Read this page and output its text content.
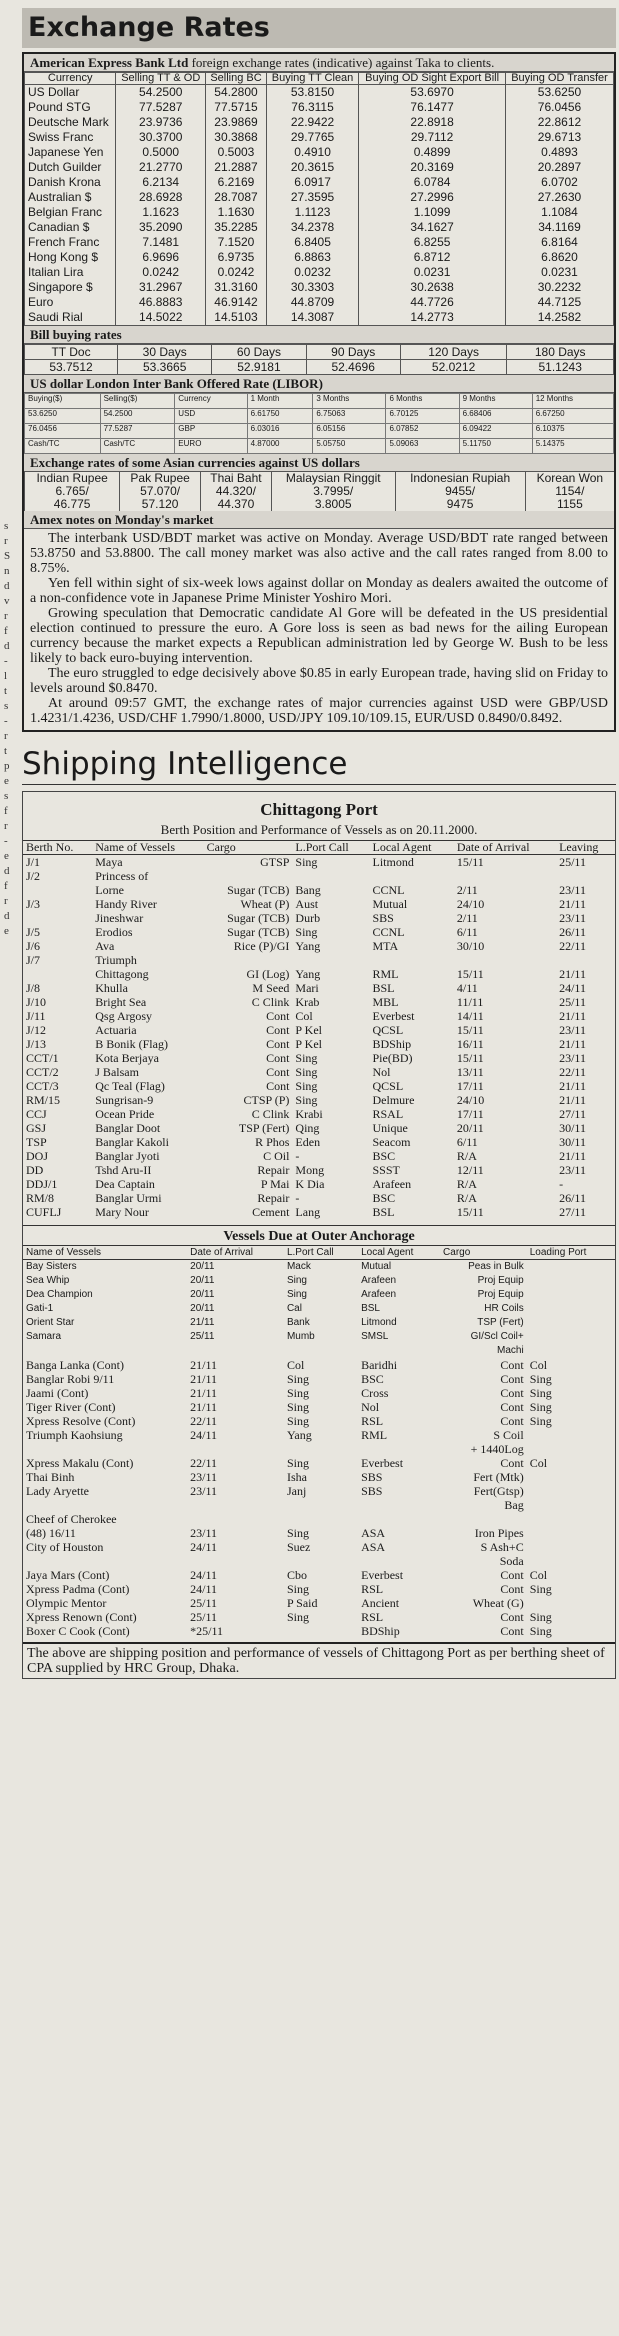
s
r
S
n
d
v
r
f
d
-
l
t
s
-
r
t
p
e
s
f
r
-
e
d
f
r
d
e
Exchange Rates
American Express Bank Ltd foreign exchange rates (indicative) against Taka to clients.
Currency	Selling TT & OD	Selling BC	Buying TT Clean	Buying OD Sight Export Bill	Buying OD Transfer
US Dollar	54.2500	54.2800	53.8150	53.6970	53.6250
Pound STG	77.5287	77.5715	76.3115	76.1477	76.0456
Deutsche Mark	23.9736	23.9869	22.9422	22.8918	22.8612
Swiss Franc	30.3700	30.3868	29.7765	29.7112	29.6713
Japanese Yen	0.5000	0.5003	0.4910	0.4899	0.4893
Dutch Guilder	21.2770	21.2887	20.3615	20.3169	20.2897
Danish Krona	6.2134	6.2169	6.0917	6.0784	6.0702
Australian $	28.6928	28.7087	27.3595	27.2996	27.2630
Belgian Franc	1.1623	1.1630	1.1123	1.1099	1.1084
Canadian $	35.2090	35.2285	34.2378	34.1627	34.1169
French Franc	7.1481	7.1520	6.8405	6.8255	6.8164
Hong Kong $	6.9696	6.9735	6.8863	6.8712	6.8620
Italian Lira	0.0242	0.0242	0.0232	0.0231	0.0231
Singapore $	31.2967	31.3160	30.3303	30.2638	30.2232
Euro	46.8883	46.9142	44.8709	44.7726	44.7125
Saudi Rial	14.5022	14.5103	14.3087	14.2773	14.2582
Bill buying rates
TT Doc	30 Days	60 Days	90 Days	120 Days	180 Days
53.7512	53.3665	52.9181	52.4696	52.0212	51.1243
US dollar London Inter Bank Offered Rate (LIBOR)
Buying($)	Selling($)	Currency	1 Month	3 Months	6 Months	9 Months	12 Months
53.6250	54.2500	USD	6.61750	6.75063	6.70125	6.68406	6.67250
76.0456	77.5287	GBP	6.03016	6.05156	6.07852	6.09422	6.10375
Cash/TC	Cash/TC	EURO	4.87000	5.05750	5.09063	5.11750	5.14375
Exchange rates of some Asian currencies against US dollars
Indian Rupee	Pak Rupee	Thai Baht	Malaysian Ringgit	Indonesian Rupiah	Korean Won
6.765/	57.070/	44.320/	3.7995/	9455/	1154/
46.775	57.120	44.370	3.8005	9475	1155
Amex notes on Monday's market

The interbank USD/BDT market was active on Monday. Average USD/BDT rate ranged between 53.8750 and 53.8800. The call money market was also active and the call rates ranged from 8.00 to 8.75%.

Yen fell within sight of six-week lows against dollar on Monday as dealers awaited the outcome of a non-confidence vote in Japanese Prime Minister Yoshiro Mori.

Growing speculation that Democratic candidate Al Gore will be defeated in the US presidential election continued to pressure the euro. A Gore loss is seen as bad news for the ailing European currency because the market expects a Republican administration led by George W. Bush to be less likely to back euro-buying intervention.

The euro struggled to edge decisively above $0.85 in early European trade, having slid on Friday to levels around $0.8470.

At around 09:57 GMT, the exchange rates of major currencies against USD were GBP/USD 1.4231/1.4236, USD/CHF 1.7990/1.8000, USD/JPY 109.10/109.15, EUR/USD 0.8490/0.8492.

Shipping Intelligence
Chittagong Port
Berth Position and Performance of Vessels as on 20.11.2000.
Berth No.	Name of Vessels	Cargo	L.Port Call	Local Agent	Date of Arrival	Leaving
J/1	Maya	GTSP	Sing	Litmond	15/11	25/11
J/2	Princess of					
	Lorne	Sugar (TCB)	Bang	CCNL	2/11	23/11
J/3	Handy River	Wheat (P)	Aust	Mutual	24/10	21/11
	Jineshwar	Sugar (TCB)	Durb	SBS	2/11	23/11
J/5	Erodios	Sugar (TCB)	Sing	CCNL	6/11	26/11
J/6	Ava	Rice (P)/GI	Yang	MTA	30/10	22/11
J/7	Triumph					
	Chittagong	GI (Log)	Yang	RML	15/11	21/11
J/8	Khulla	M Seed	Mari	BSL	4/11	24/11
J/10	Bright Sea	C Clink	Krab	MBL	11/11	25/11
J/11	Qsg Argosy	Cont	Col	Everbest	14/11	21/11
J/12	Actuaria	Cont	P Kel	QCSL	15/11	23/11
J/13	B Bonik (Flag)	Cont	P Kel	BDShip	16/11	21/11
CCT/1	Kota Berjaya	Cont	Sing	Pie(BD)	15/11	23/11
CCT/2	J Balsam	Cont	Sing	Nol	13/11	22/11
CCT/3	Qc Teal (Flag)	Cont	Sing	QCSL	17/11	21/11
RM/15	Sungrisan-9	CTSP (P)	Sing	Delmure	24/10	21/11
CCJ	Ocean Pride	C Clink	Krabi	RSAL	17/11	27/11
GSJ	Banglar Doot	TSP (Fert)	Qing	Unique	20/11	30/11
TSP	Banglar Kakoli	R Phos	Eden	Seacom	6/11	30/11
DOJ	Banglar Jyoti	C Oil	-	BSC	R/A	21/11
DD	Tshd Aru-II	Repair	Mong	SSST	12/11	23/11
DDJ/1	Dea Captain	P Mai	K Dia	Arafeen	R/A	-
RM/8	Banglar Urmi	Repair	-	BSC	R/A	26/11
CUFLJ	Mary Nour	Cement	Lang	BSL	15/11	27/11
Vessels Due at Outer Anchorage
Name of Vessels	Date of Arrival	L.Port Call	Local Agent	Cargo	Loading Port
Bay Sisters	20/11	Mack	Mutual	Peas in Bulk	
Sea Whip	20/11	Sing	Arafeen	Proj Equip	
Dea Champion	20/11	Sing	Arafeen	Proj Equip	
Gati-1	20/11	Cal	BSL	HR Coils	
Orient Star	21/11	Bank	Litmond	TSP (Fert)	
Samara	25/11	Mumb	SMSL	GI/Scl Coil+	
				Machi	
Banga Lanka (Cont)	21/11	Col	Baridhi	Cont	Col
Banglar Robi 9/11	21/11	Sing	BSC	Cont	Sing
Jaami (Cont)	21/11	Sing	Cross	Cont	Sing
Tiger River (Cont)	21/11	Sing	Nol	Cont	Sing
Xpress Resolve (Cont)	22/11	Sing	RSL	Cont	Sing
Triumph Kaohsiung	24/11	Yang	RML	S Coil	
				+ 1440Log	
Xpress Makalu (Cont)	22/11	Sing	Everbest	Cont	Col
Thai Binh	23/11	Isha	SBS	Fert (Mtk)	
Lady Aryette	23/11	Janj	SBS	Fert(Gtsp)	
				Bag	
Cheef of Cherokee					
(48) 16/11	23/11	Sing	ASA	Iron Pipes	
City of Houston	24/11	Suez	ASA	S Ash+C	
				Soda	
Jaya Mars (Cont)	24/11	Cbo	Everbest	Cont	Col
Xpress Padma (Cont)	24/11	Sing	RSL	Cont	Sing
Olympic Mentor	25/11	P Said	Ancient	Wheat (G)	
Xpress Renown (Cont)	25/11	Sing	RSL	Cont	Sing
Boxer C Cook (Cont)	*25/11		BDShip	Cont	Sing
The above are shipping position and performance of vessels of Chittagong Port as per berthing sheet of CPA supplied by HRC Group, Dhaka.
